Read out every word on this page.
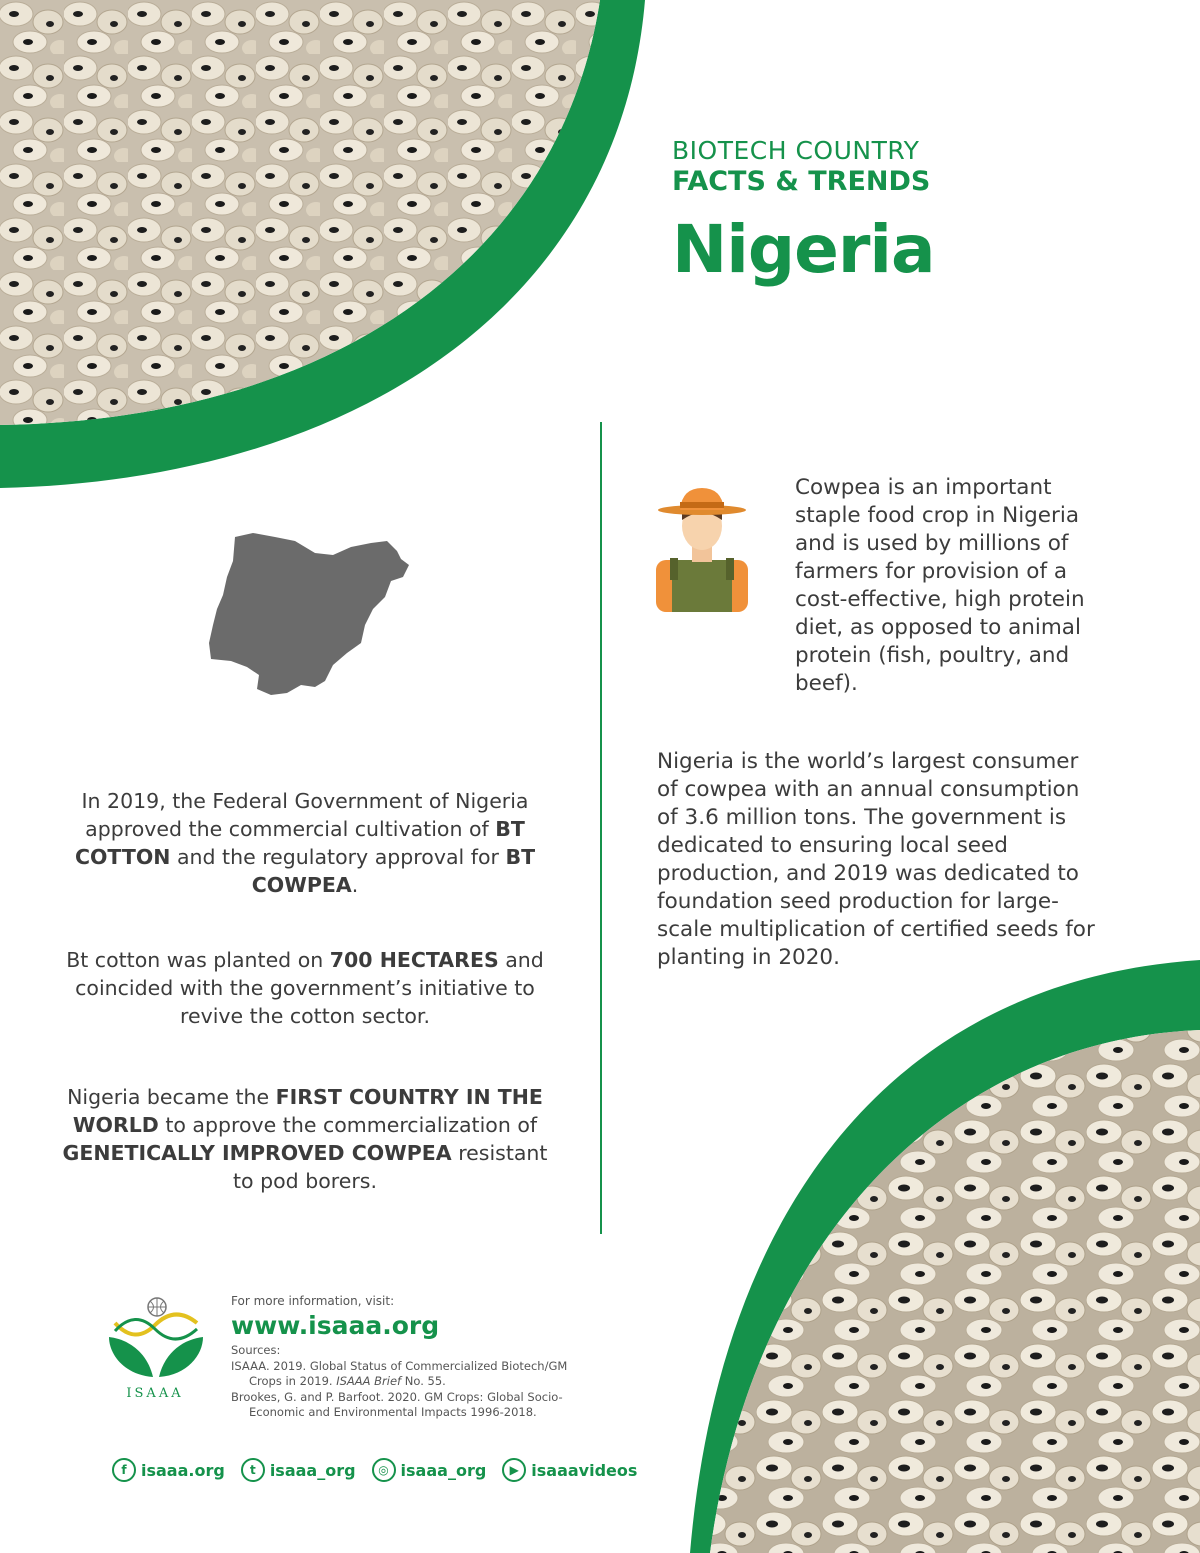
BIOTECH COUNTRY
FACTS & TRENDS
Nigeria
Cowpea is an important staple food crop in Nigeria and is used by millions of farmers for provision of a cost-effective, high protein diet, as opposed to animal protein (fish, poultry, and beef).
Nigeria is the world’s largest consumer of cowpea with an annual consumption of 3.6 million tons. The government is dedicated to ensuring local seed production, and 2019 was dedicated to foundation seed production for large-scale multiplication of certified seeds for planting in 2020.
In 2019, the Federal Government of Nigeria approved the commercial cultivation of BT COTTON and the regulatory approval for BT COWPEA.
Bt cotton was planted on 700 HECTARES and coincided with the government’s initiative to revive the cotton sector.
Nigeria became the FIRST COUNTRY IN THE WORLD to approve the commercialization of GENETICALLY IMPROVED COWPEA resistant to pod borers.
ISAAA
For more information, visit:
www.isaaa.org
Sources:
ISAAA. 2019. Global Status of Commercialized Biotech/GM
Crops in 2019. ISAAA Brief No. 55.
Brookes, G. and P. Barfoot. 2020. GM Crops: Global Socio-
Economic and Environmental Impacts 1996-2018.
f isaaa.org	t isaaa_org	◎ isaaa_org	▶ isaaavideos
